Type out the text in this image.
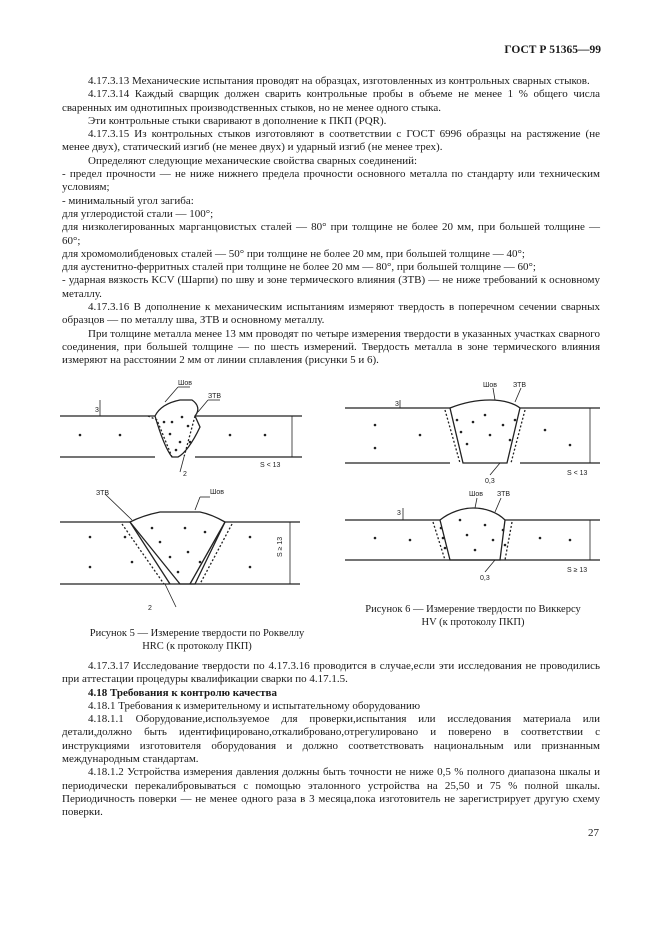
ГОСТ Р 51365—99

4.17.3.13 Механические испытания проводят на образцах, изготовленных из контрольных сварных стыков.

4.17.3.14 Каждый сварщик должен сварить контрольные пробы в объеме не менее 1 % общего числа сваренных им однотипных производственных стыков, но не менее одного стыка.

Эти контрольные стыки сваривают в дополнение к ПКП (PQR).

4.17.3.15 Из контрольных стыков изготовляют в соответствии с ГОСТ 6996 образцы на растяжение (не менее двух), статический изгиб (не менее двух) и ударный изгиб (не менее трех).

Определяют следующие механические свойства сварных соединений:

- предел прочности — не ниже нижнего предела прочности основного металла по стандарту или техническим условиям;

- минимальный угол загиба:

для углеродистой стали — 100°;

для низколегированных марганцовистых сталей — 80° при толщине не более 20 мм, при большей толщине — 60°;

для хромомолибденовых сталей — 50° при толщине не более 20 мм, при большей толщине — 40°;

для аустенитно-ферритных сталей при толщине не более 20 мм — 80°, при большей толщине — 60°;

- ударная вязкость KCV (Шарпи) по шву и зоне термического влияния (ЗТВ) — не ниже требований к основному металлу.

4.17.3.16 В дополнение к механическим испытаниям измеряют твердость в поперечном сечении сварных образцов — по металлу шва, ЗТВ и основному металлу.

При толщине металла менее 13 мм проводят по четыре измерения твердости в указанных участках сварного соединения, при большей толщине — по шесть измерений. Твердость металла в зоне термического влияния измеряют на расстоянии 2 мм от линии сплавления (рисунки 5 и 6).

Шов
ЗТВ
S < 13
2
ЗТВ	Шов
3
S ≥ 13
2
Рисунок 5 — Измерение твердости по Роквеллу
HRC (к протоколу ПКП)
Шов ЗТВ
S < 13
0,3
3
Шов ЗТВ
3
S ≥ 13
0,3
Рисунок 6 — Измерение твердости по Виккерсу
HV (к протоколу ПКП)

4.17.3.17 Исследование твердости по 4.17.3.16 проводится в случае,если эти исследования не проводились при аттестации процедуры квалификации сварки по 4.17.1.5.

4.18 Требования к контролю качества

4.18.1 Требования к измерительному и испытательному оборудованию

4.18.1.1 Оборудование,используемое для проверки,испытания или исследования материала или детали,должно быть идентифицировано,откалибровано,отрегулировано и поверено в соответствии с инструкциями изготовителя оборудования и должно соответствовать национальным или признанным международным стандартам.

4.18.1.2 Устройства измерения давления должны быть точности не ниже 0,5 % полного диапазона шкалы и периодически перекалибровываться с помощью эталонного устройства на 25,50 и 75 % полной шкалы. Периодичность поверки — не менее одного раза в 3 месяца,пока изготовитель не зарегистрирует другую схему поверки.

27
